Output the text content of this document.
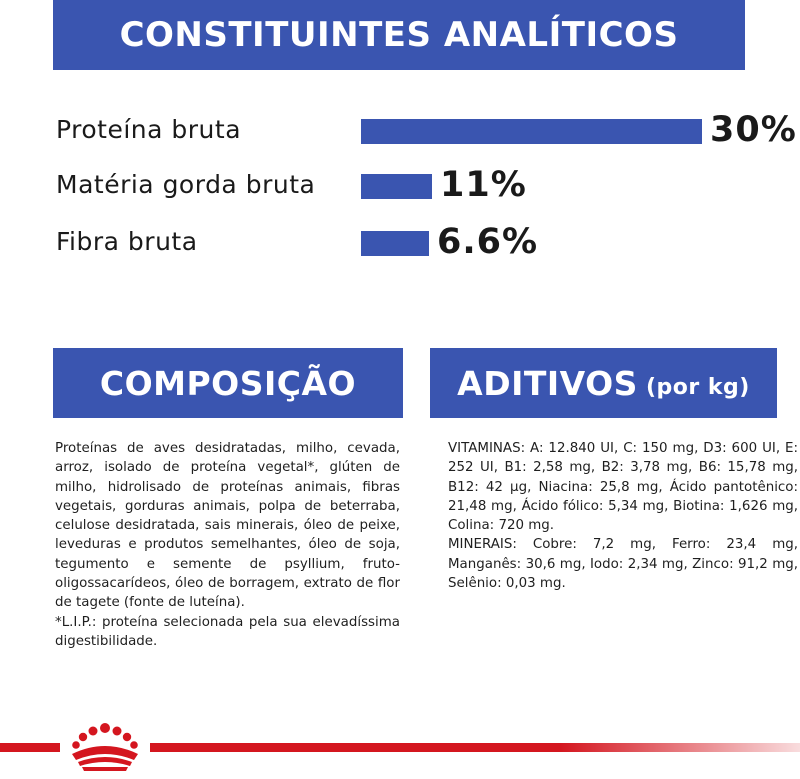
CONSTITUINTES ANALÍTICOS
Proteína bruta	30%
Matéria gorda bruta	11%
Fibra bruta	6.6%
COMPOSIÇÃO

Proteínas de aves desidratadas, milho, cevada, arroz, isolado de proteína vegetal*, glúten de milho, hidrolisado de proteínas animais, fibras vegetais, gorduras animais, polpa de beterraba, celulose desidratada, sais minerais, óleo de peixe, leveduras e produtos semelhantes, óleo de soja, tegumento e semente de psyllium, fruto-oligossacarídeos, óleo de borragem, extrato de flor de tagete (fonte de luteína).

*L.I.P.: proteína selecionada pela sua elevadíssima digestibilidade.

ADITIVOS (por kg)

VITAMINAS: A: 12.840 UI, C: 150 mg, D3: 600 UI, E: 252 UI, B1: 2,58 mg, B2: 3,78 mg, B6: 15,78 mg, B12: 42 µg, Niacina: 25,8 mg, Ácido pantotênico: 21,48 mg, Ácido fólico: 5,34 mg, Biotina: 1,626 mg, Colina: 720 mg.

MINERAIS: Cobre: 7,2 mg, Ferro: 23,4 mg, Manganês: 30,6 mg, Iodo: 2,34 mg, Zinco: 91,2 mg, Selênio: 0,03 mg.
